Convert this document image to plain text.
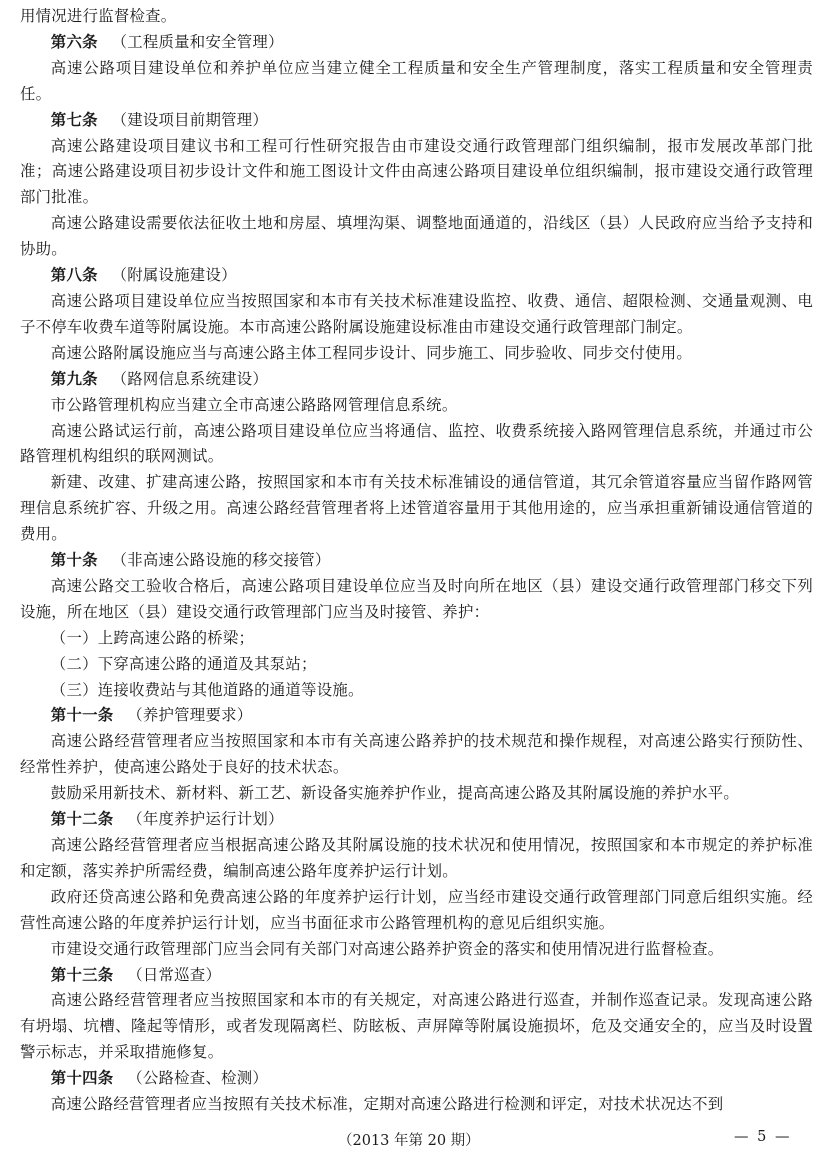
用情况进行监督检查。

第六条 （工程质量和安全管理）

高速公路项目建设单位和养护单位应当建立健全工程质量和安全生产管理制度，落实工程质量和安全管理责任。

第七条 （建设项目前期管理）

高速公路建设项目建议书和工程可行性研究报告由市建设交通行政管理部门组织编制，报市发展改革部门批准；高速公路建设项目初步设计文件和施工图设计文件由高速公路项目建设单位组织编制，报市建设交通行政管理部门批准。

高速公路建设需要依法征收土地和房屋、填埋沟渠、调整地面通道的，沿线区（县）人民政府应当给予支持和协助。

第八条 （附属设施建设）

高速公路项目建设单位应当按照国家和本市有关技术标准建设监控、收费、通信、超限检测、交通量观测、电子不停车收费车道等附属设施。本市高速公路附属设施建设标准由市建设交通行政管理部门制定。

高速公路附属设施应当与高速公路主体工程同步设计、同步施工、同步验收、同步交付使用。

第九条 （路网信息系统建设）

市公路管理机构应当建立全市高速公路路网管理信息系统。

高速公路试运行前，高速公路项目建设单位应当将通信、监控、收费系统接入路网管理信息系统，并通过市公路管理机构组织的联网测试。

新建、改建、扩建高速公路，按照国家和本市有关技术标准铺设的通信管道，其冗余管道容量应当留作路网管理信息系统扩容、升级之用。高速公路经营管理者将上述管道容量用于其他用途的，应当承担重新铺设通信管道的费用。

第十条 （非高速公路设施的移交接管）

高速公路交工验收合格后，高速公路项目建设单位应当及时向所在地区（县）建设交通行政管理部门移交下列设施，所在地区（县）建设交通行政管理部门应当及时接管、养护：

（一）上跨高速公路的桥梁；

（二）下穿高速公路的通道及其泵站；

（三）连接收费站与其他道路的通道等设施。

第十一条 （养护管理要求）

高速公路经营管理者应当按照国家和本市有关高速公路养护的技术规范和操作规程，对高速公路实行预防性、经常性养护，使高速公路处于良好的技术状态。

鼓励采用新技术、新材料、新工艺、新设备实施养护作业，提高高速公路及其附属设施的养护水平。

第十二条 （年度养护运行计划）

高速公路经营管理者应当根据高速公路及其附属设施的技术状况和使用情况，按照国家和本市规定的养护标准和定额，落实养护所需经费，编制高速公路年度养护运行计划。

政府还贷高速公路和免费高速公路的年度养护运行计划，应当经市建设交通行政管理部门同意后组织实施。经营性高速公路的年度养护运行计划，应当书面征求市公路管理机构的意见后组织实施。

市建设交通行政管理部门应当会同有关部门对高速公路养护资金的落实和使用情况进行监督检查。

第十三条 （日常巡查）

高速公路经营管理者应当按照国家和本市的有关规定，对高速公路进行巡查，并制作巡查记录。发现高速公路有坍塌、坑槽、隆起等情形，或者发现隔离栏、防眩板、声屏障等附属设施损坏，危及交通安全的，应当及时设置警示标志，并采取措施修复。

第十四条 （公路检查、检测）

高速公路经营管理者应当按照有关技术标准，定期对高速公路进行检测和评定，对技术状况达不到

（2013 年第 20 期）	— 5 —
